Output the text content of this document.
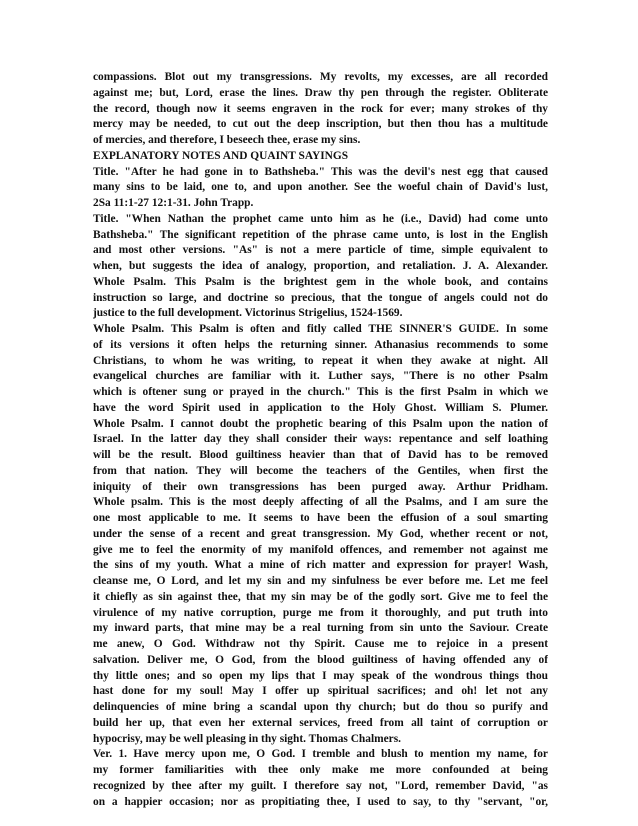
compassions. Blot out my transgressions. My revolts, my excesses, are all recorded
against me; but, Lord, erase the lines. Draw thy pen through the register. Obliterate
the record, though now it seems engraven in the rock for ever; many strokes of thy
mercy may be needed, to cut out the deep inscription, but then thou has a multitude
of mercies, and therefore, I beseech thee, erase my sins.
EXPLANATORY NOTES AND QUAINT SAYINGS
Title. "After he had gone in to Bathsheba." This was the devil's nest egg that caused
many sins to be laid, one to, and upon another. See the woeful chain of David's lust,
2Sa 11:1-27 12:1-31. John Trapp.
Title. "When Nathan the prophet came unto him as he (i.e., David) had come unto
Bathsheba." The significant repetition of the phrase came unto, is lost in the English
and most other versions. "As" is not a mere particle of time, simple equivalent to
when, but suggests the idea of analogy, proportion, and retaliation. J. A. Alexander.
Whole Psalm. This Psalm is the brightest gem in the whole book, and contains
instruction so large, and doctrine so precious, that the tongue of angels could not do
justice to the full development. Victorinus Strigelius, 1524-1569.
Whole Psalm. This Psalm is often and fitly called THE SINNER'S GUIDE. In some
of its versions it often helps the returning sinner. Athanasius recommends to some
Christians, to whom he was writing, to repeat it when they awake at night. All
evangelical churches are familiar with it. Luther says, "There is no other Psalm
which is oftener sung or prayed in the church." This is the first Psalm in which we
have the word Spirit used in application to the Holy Ghost. William S. Plumer.
Whole Psalm. I cannot doubt the prophetic bearing of this Psalm upon the nation of
Israel. In the latter day they shall consider their ways: repentance and self loathing
will be the result. Blood guiltiness heavier than that of David has to be removed
from that nation. They will become the teachers of the Gentiles, when first the
iniquity of their own transgressions has been purged away. Arthur Pridham.
Whole psalm. This is the most deeply affecting of all the Psalms, and I am sure the
one most applicable to me. It seems to have been the effusion of a soul smarting
under the sense of a recent and great transgression. My God, whether recent or not,
give me to feel the enormity of my manifold offences, and remember not against me
the sins of my youth. What a mine of rich matter and expression for prayer! Wash,
cleanse me, O Lord, and let my sin and my sinfulness be ever before me. Let me feel
it chiefly as sin against thee, that my sin may be of the godly sort. Give me to feel the
virulence of my native corruption, purge me from it thoroughly, and put truth into
my inward parts, that mine may be a real turning from sin unto the Saviour. Create
me anew, O God. Withdraw not thy Spirit. Cause me to rejoice in a present
salvation. Deliver me, O God, from the blood guiltiness of having offended any of
thy little ones; and so open my lips that I may speak of the wondrous things thou
hast done for my soul! May I offer up spiritual sacrifices; and oh! let not any
delinquencies of mine bring a scandal upon thy church; but do thou so purify and
build her up, that even her external services, freed from all taint of corruption or
hypocrisy, may be well pleasing in thy sight. Thomas Chalmers.
Ver. 1. Have mercy upon me, O God. I tremble and blush to mention my name, for
my former familiarities with thee only make me more confounded at being
recognized by thee after my guilt. I therefore say not, "Lord, remember David, "as
on a happier occasion; nor as propitiating thee, I used to say, to thy "servant, "or,
